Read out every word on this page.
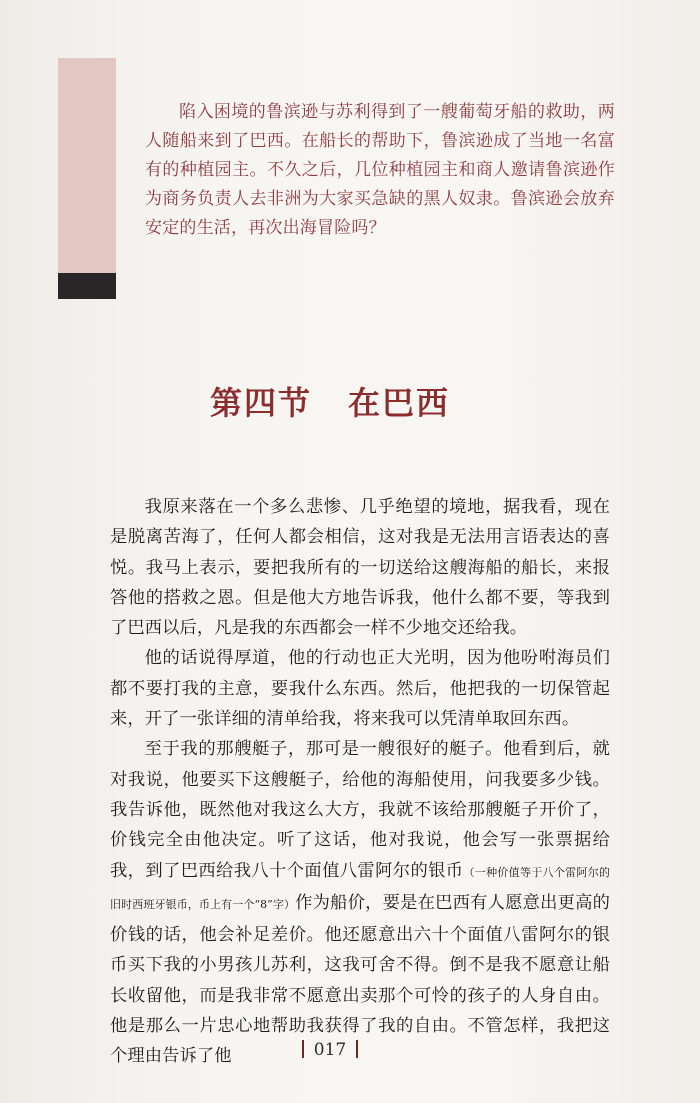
陷入困境的鲁滨逊与苏利得到了一艘葡萄牙船的救助，两人随船来到了巴西。在船长的帮助下，鲁滨逊成了当地一名富有的种植园主。不久之后，几位种植园主和商人邀请鲁滨逊作为商务负责人去非洲为大家买急缺的黑人奴隶。鲁滨逊会放弃安定的生活，再次出海冒险吗？

第四节 在巴西

我原来落在一个多么悲惨、几乎绝望的境地，据我看，现在是脱离苦海了，任何人都会相信，这对我是无法用言语表达的喜悦。我马上表示，要把我所有的一切送给这艘海船的船长，来报答他的搭救之恩。但是他大方地告诉我，他什么都不要，等我到了巴西以后，凡是我的东西都会一样不少地交还给我。

他的话说得厚道，他的行动也正大光明，因为他吩咐海员们都不要打我的主意，要我什么东西。然后，他把我的一切保管起来，开了一张详细的清单给我，将来我可以凭清单取回东西。

至于我的那艘艇子，那可是一艘很好的艇子。他看到后，就对我说，他要买下这艘艇子，给他的海船使用，问我要多少钱。我告诉他，既然他对我这么大方，我就不该给那艘艇子开价了，价钱完全由他决定。听了这话，他对我说，他会写一张票据给我，到了巴西给我八十个面值八雷阿尔的银币（一种价值等于八个雷阿尔的旧时西班牙银币，币上有一个“8”字）作为船价，要是在巴西有人愿意出更高的价钱的话，他会补足差价。他还愿意出六十个面值八雷阿尔的银币买下我的小男孩儿苏利，这我可舍不得。倒不是我不愿意让船长收留他，而是我非常不愿意出卖那个可怜的孩子的人身自由。他是那么一片忠心地帮助我获得了我的自由。不管怎样，我把这个理由告诉了他	017
